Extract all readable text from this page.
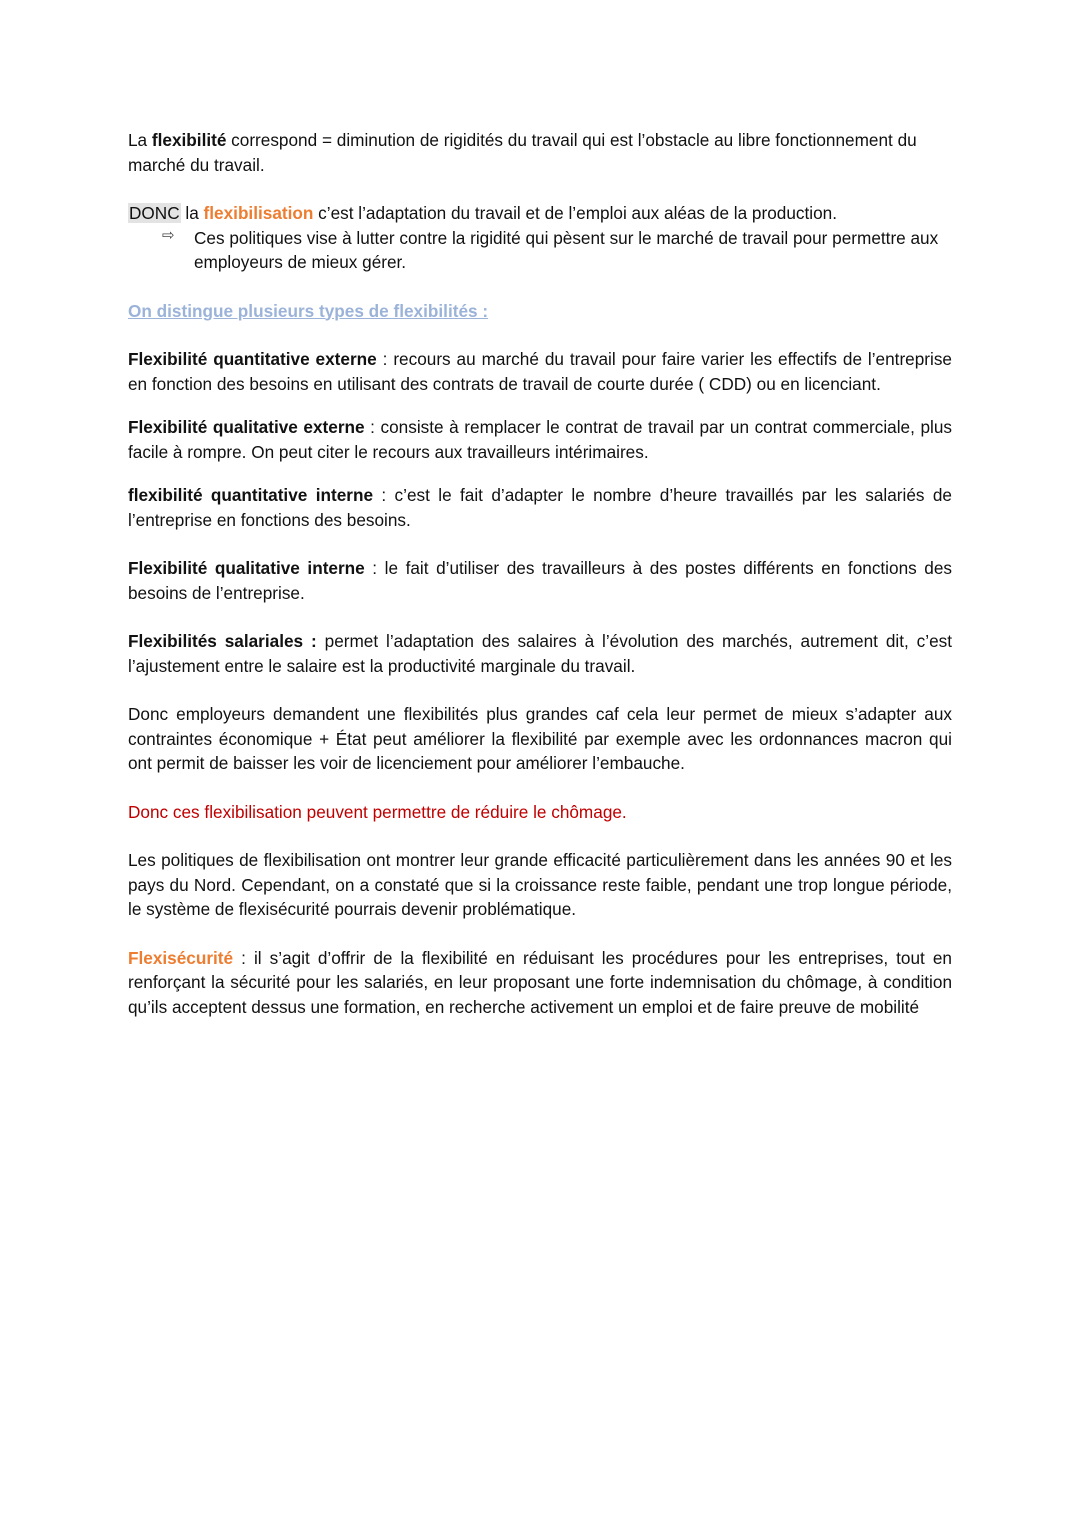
La flexibilité correspond = diminution de rigidités du travail qui est l’obstacle au libre fonctionnement du marché du travail.

DONC la flexibilisation c’est l’adaptation du travail et de l’emploi aux aléas de la production.

⇨	Ces politiques vise à lutter contre la rigidité qui pèsent sur le marché de travail pour permettre aux employeurs de mieux gérer.

On distingue plusieurs types de flexibilités :

Flexibilité quantitative externe : recours au marché du travail pour faire varier les effectifs de l’entreprise en fonction des besoins en utilisant des contrats de travail de courte durée ( CDD) ou en licenciant.

Flexibilité qualitative externe : consiste à remplacer le contrat de travail par un contrat commerciale, plus facile à rompre. On peut citer le recours aux travailleurs intérimaires.

flexibilité quantitative interne : c’est le fait d’adapter le nombre d’heure travaillés par les salariés de l’entreprise en fonctions des besoins.

Flexibilité qualitative interne : le fait d’utiliser des travailleurs à des postes différents en fonctions des besoins de l’entreprise.

Flexibilités salariales : permet l’adaptation des salaires à l’évolution des marchés, autrement dit, c’est l’ajustement entre le salaire est la productivité marginale du travail.

Donc employeurs demandent une flexibilités plus grandes caf cela leur permet de mieux s’adapter aux contraintes économique + État peut améliorer la flexibilité par exemple avec les ordonnances macron qui ont permit de baisser les voir de licenciement pour améliorer l’embauche.

Donc ces flexibilisation peuvent permettre de réduire le chômage.

Les politiques de flexibilisation ont montrer leur grande efficacité particulièrement dans les années 90 et les pays du Nord. Cependant, on a constaté que si la croissance reste faible, pendant une trop longue période, le système de flexisécurité pourrais devenir problématique.

Flexisécurité : il s’agit d’offrir de la flexibilité en réduisant les procédures pour les entreprises, tout en renforçant la sécurité pour les salariés, en leur proposant une forte indemnisation du chômage, à condition qu’ils acceptent dessus une formation, en recherche activement un emploi et de faire preuve de mobilité
